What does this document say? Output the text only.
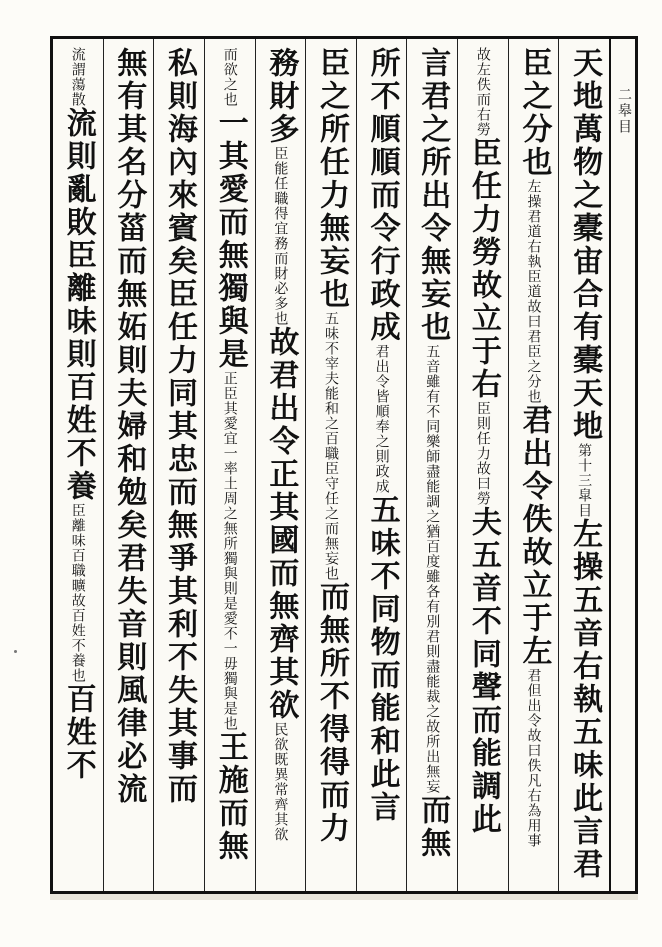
二皋目
天地萬物之橐宙合有橐天地第十三皐目左操五音右執五味此言君
臣之分也左操君道右執臣道故曰君臣之分也君出令佚故立于左君但出令故曰佚凡右為用事
故左佚而右勞臣任力勞故立于右臣則任力故曰勞夫五音不同聲而能調此
言君之所出令無妄也五音雖有不同樂師盡能調之猶百度雖各有別君則盡能裁之故所出無妄而無
所不順順而令行政成君出令皆順奉之則政成五味不同物而能和此言
臣之所任力無妄也五味不宰夫能和之百職臣守任之而無妄也而無所不得得而力
務財多臣能任職得宜務而財必多也故君出令正其國而無齊其欲民欲既異常齊其欲
而欲之也一其愛而無獨與是正臣其愛宜一率土周之無所獨與則是愛不一毋獨與是也王施而無
私則海內來賓矣臣任力同其忠而無爭其利不失其事而
無有其名分菑而無妬則夫婦和勉矣君失音則風律必流
流謂蕩散流則亂敗臣離味則百姓不養臣離味百職曠故百姓不養也百姓不
